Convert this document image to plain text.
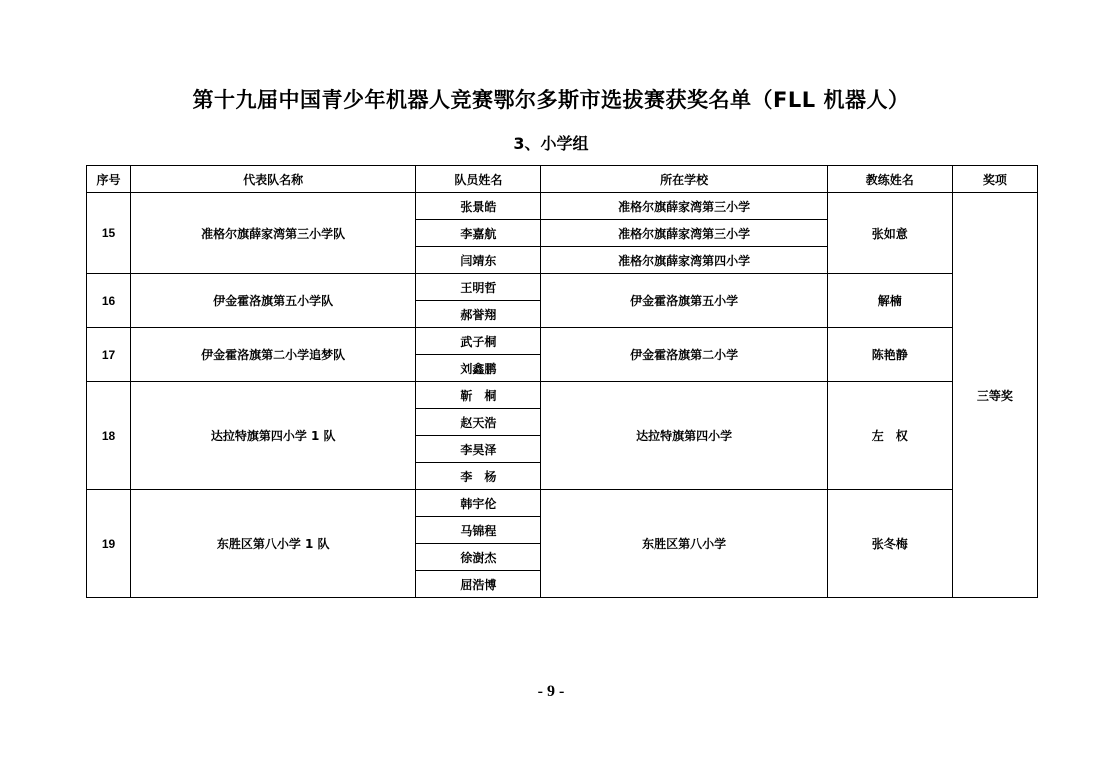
第十九届中国青少年机器人竞赛鄂尔多斯市选拔赛获奖名单（FLL 机器人）
3、小学组
序号	代表队名称	队员姓名	所在学校	教练姓名	奖项
15	准格尔旗薛家湾第三小学队	张景皓	准格尔旗薛家湾第三小学	张如意	三等奖
		李嘉航	准格尔旗薛家湾第三小学		
		闫靖东	准格尔旗薛家湾第四小学		
16	伊金霍洛旗第五小学队	王明哲	伊金霍洛旗第五小学	解楠	
		郝誉翔			
17	伊金霍洛旗第二小学追梦队	武子桐	伊金霍洛旗第二小学	陈艳静	
		刘鑫鹏			
18	达拉特旗第四小学 1 队	靳　桐	达拉特旗第四小学	左　权	
		赵天浩			
		李昊泽			
		李　杨			
19	东胜区第八小学 1 队	韩宇伦	东胜区第八小学	张冬梅	
		马锦程			
		徐澍杰			
		屈浩博			
- 9 -
